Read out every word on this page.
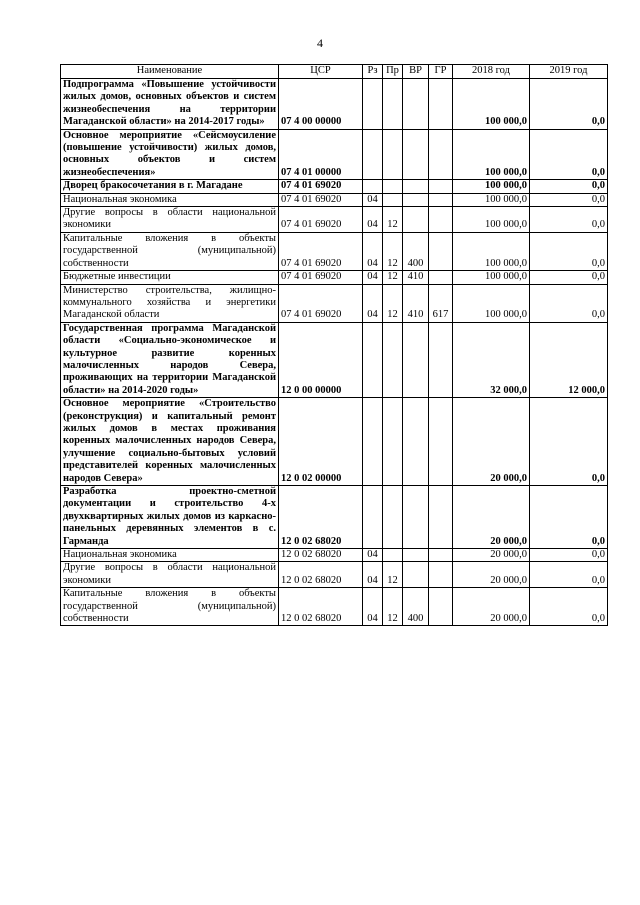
4
Наименование	ЦСР	Рз	Пр	ВР	ГР	2018 год	2019 год
Подпрограмма «Повышение устойчивости жилых домов, основных объектов и систем жизнеобеспечения на территории Магаданской области» на 2014-2017 годы»	07 4 00 00000					100 000,0	0,0
Основное мероприятие «Сейсмоусиление (повышение устойчивости) жилых домов, основных объектов и систем жизнеобеспечения»	07 4 01 00000					100 000,0	0,0
Дворец бракосочетания в г. Магадане	07 4 01 69020					100 000,0	0,0
Национальная экономика	07 4 01 69020	04				100 000,0	0,0
Другие вопросы в области национальной экономики	07 4 01 69020	04	12			100 000,0	0,0
Капитальные вложения в объекты государственной (муниципальной) собственности	07 4 01 69020	04	12	400		100 000,0	0,0
Бюджетные инвестиции	07 4 01 69020	04	12	410		100 000,0	0,0
Министерство строительства, жилищно-коммунального хозяйства и энергетики Магаданской области	07 4 01 69020	04	12	410	617	100 000,0	0,0
Государственная программа Магаданской области «Социально-экономическое и культурное развитие коренных малочисленных народов Севера, проживающих на территории Магаданской области» на 2014-2020 годы»	12 0 00 00000					32 000,0	12 000,0
Основное мероприятие «Строительство (реконструкция) и капитальный ремонт жилых домов в местах проживания коренных малочисленных народов Севера, улучшение социально-бытовых условий представителей коренных малочисленных народов Севера»	12 0 02 00000					20 000,0	0,0
Разработка проектно-сметной документации и строительство 4-х двухквартирных жилых домов из каркасно-панельных деревянных элементов в с. Гарманда	12 0 02 68020					20 000,0	0,0
Национальная экономика	12 0 02 68020	04				20 000,0	0,0
Другие вопросы в области национальной экономики	12 0 02 68020	04	12			20 000,0	0,0
Капитальные вложения в объекты государственной (муниципальной) собственности	12 0 02 68020	04	12	400		20 000,0	0,0
